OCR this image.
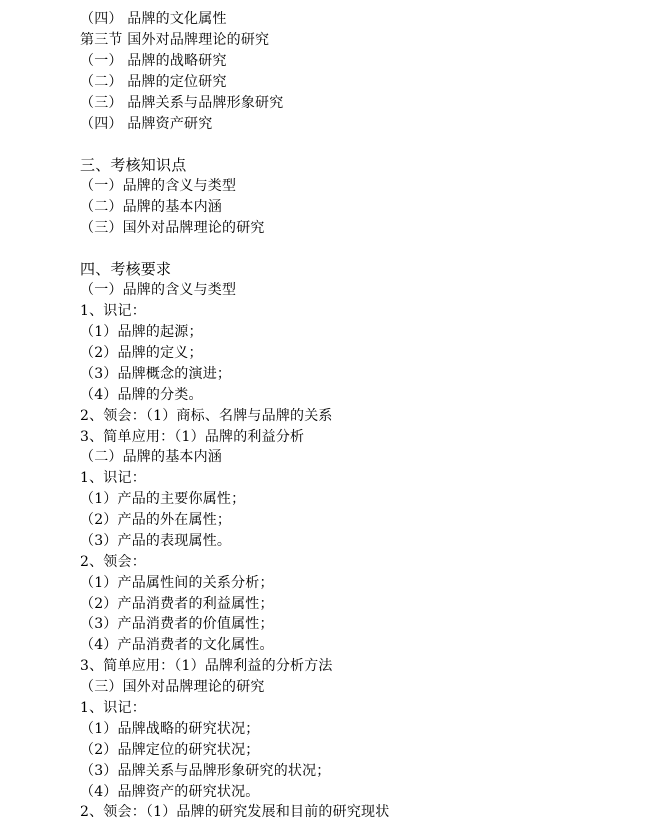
（四） 品牌的文化属性
第三节 国外对品牌理论的研究
（一） 品牌的战略研究
（二） 品牌的定位研究
（三） 品牌关系与品牌形象研究
（四） 品牌资产研究
三、考核知识点
（一）品牌的含义与类型
（二）品牌的基本内涵
（三）国外对品牌理论的研究
四、考核要求
（一）品牌的含义与类型
1、识记：
（1）品牌的起源；
（2）品牌的定义；
（3）品牌概念的演进；
（4）品牌的分类。
2、领会：（1）商标、名牌与品牌的关系
3、简单应用：（1）品牌的利益分析
（二）品牌的基本内涵
1、识记：
（1）产品的主要你属性；
（2）产品的外在属性；
（3）产品的表现属性。
2、领会：
（1）产品属性间的关系分析；
（2）产品消费者的利益属性；
（3）产品消费者的价值属性；
（4）产品消费者的文化属性。
3、简单应用：（1）品牌利益的分析方法
（三）国外对品牌理论的研究
1、识记：
（1）品牌战略的研究状况；
（2）品牌定位的研究状况；
（3）品牌关系与品牌形象研究的状况；
（4）品牌资产的研究状况。
2、领会：（1）品牌的研究发展和目前的研究现状
